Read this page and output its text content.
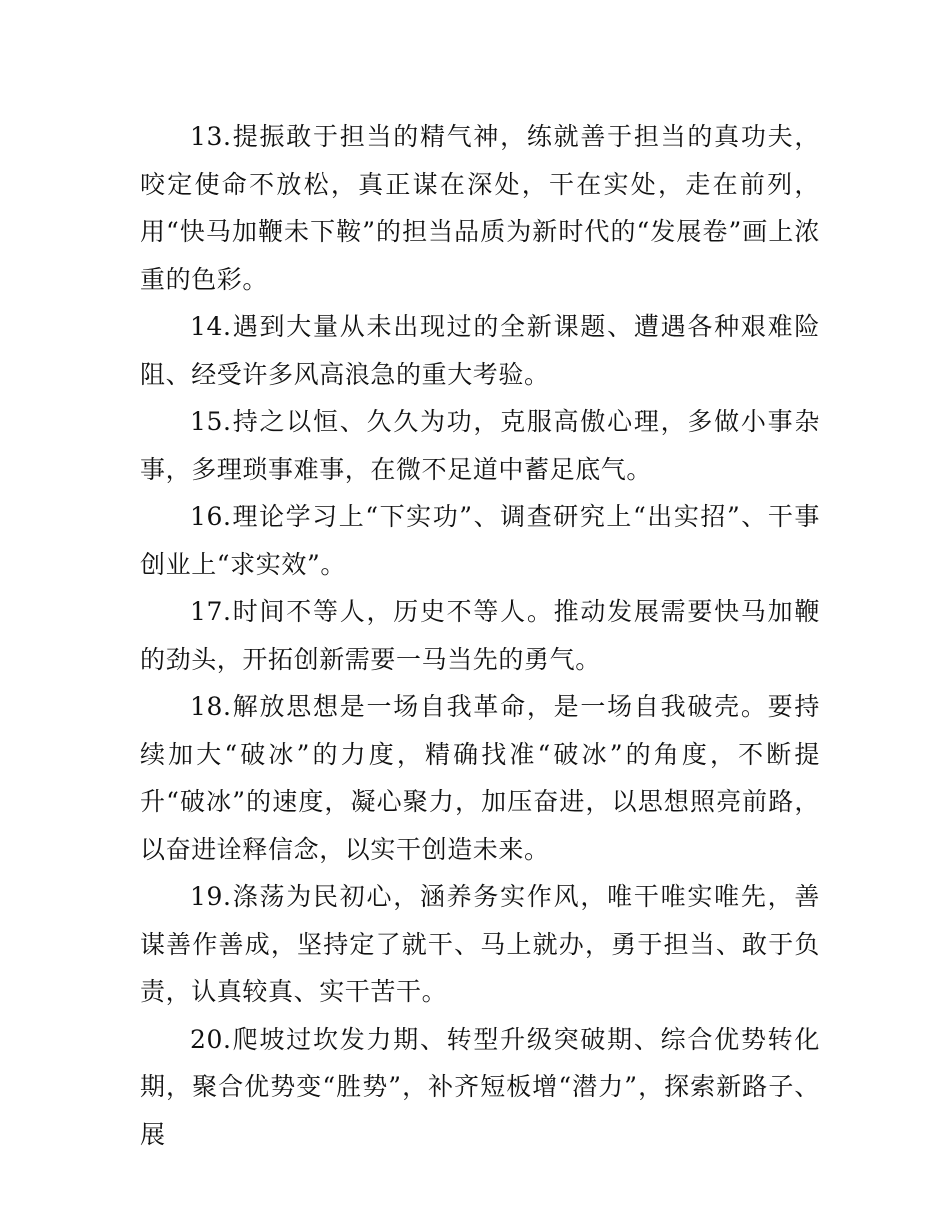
13.提振敢于担当的精气神，练就善于担当的真功夫，咬定使命不放松，真正谋在深处，干在实处，走在前列，用“快马加鞭未下鞍”的担当品质为新时代的“发展卷”画上浓重的色彩。

14.遇到大量从未出现过的全新课题、遭遇各种艰难险阻、经受许多风高浪急的重大考验。

15.持之以恒、久久为功，克服高傲心理，多做小事杂事，多理琐事难事，在微不足道中蓄足底气。

16.理论学习上“下实功”、调查研究上“出实招”、干事创业上“求实效”。

17.时间不等人，历史不等人。推动发展需要快马加鞭的劲头，开拓创新需要一马当先的勇气。

18.解放思想是一场自我革命，是一场自我破壳。要持续加大“破冰”的力度，精确找准“破冰”的角度，不断提升“破冰”的速度，凝心聚力，加压奋进，以思想照亮前路，以奋进诠释信念，以实干创造未来。

19.涤荡为民初心，涵养务实作风，唯干唯实唯先，善谋善作善成，坚持定了就干、马上就办，勇于担当、敢于负责，认真较真、实干苦干。

20.爬坡过坎发力期、转型升级突破期、综合优势转化期，聚合优势变“胜势”，补齐短板增“潜力”，探索新路子、展
